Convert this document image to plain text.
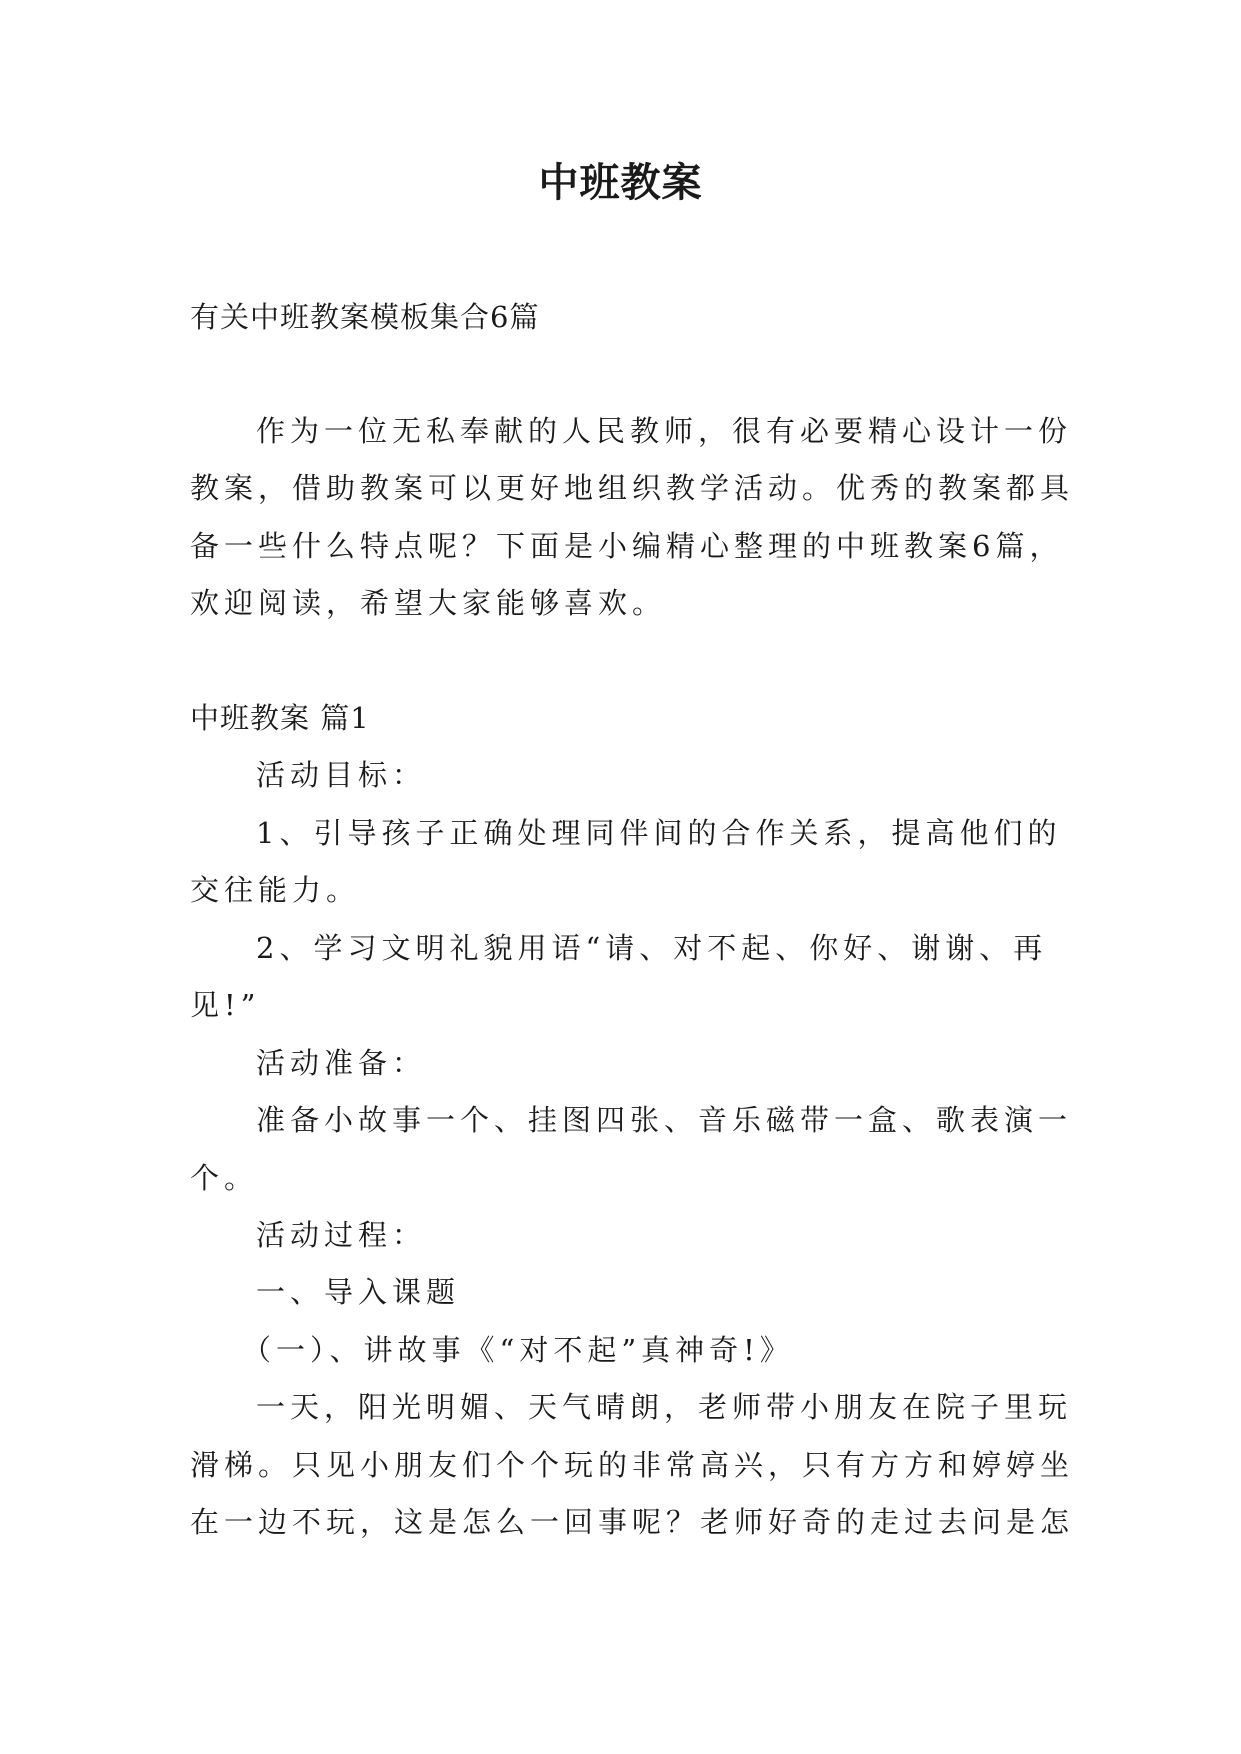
中班教案
有关中班教案模板集合6篇
作为一位无私奉献的人民教师，很有必要精心设计一份
教案，借助教案可以更好地组织教学活动。优秀的教案都具
备一些什么特点呢？下面是小编精心整理的中班教案6篇，
欢迎阅读，希望大家能够喜欢。
中班教案 篇1
活动目标：
1、引导孩子正确处理同伴间的合作关系，提高他们的
交往能力。
2、学习文明礼貌用语“请、对不起、你好、谢谢、再
见!”
活动准备：
准备小故事一个、挂图四张、音乐磁带一盒、歌表演一
个。
活动过程：
一、导入课题
（一）、讲故事《“对不起”真神奇!》
一天，阳光明媚、天气晴朗，老师带小朋友在院子里玩
滑梯。只见小朋友们个个玩的非常高兴，只有方方和婷婷坐
在一边不玩，这是怎么一回事呢？老师好奇的走过去问是怎
